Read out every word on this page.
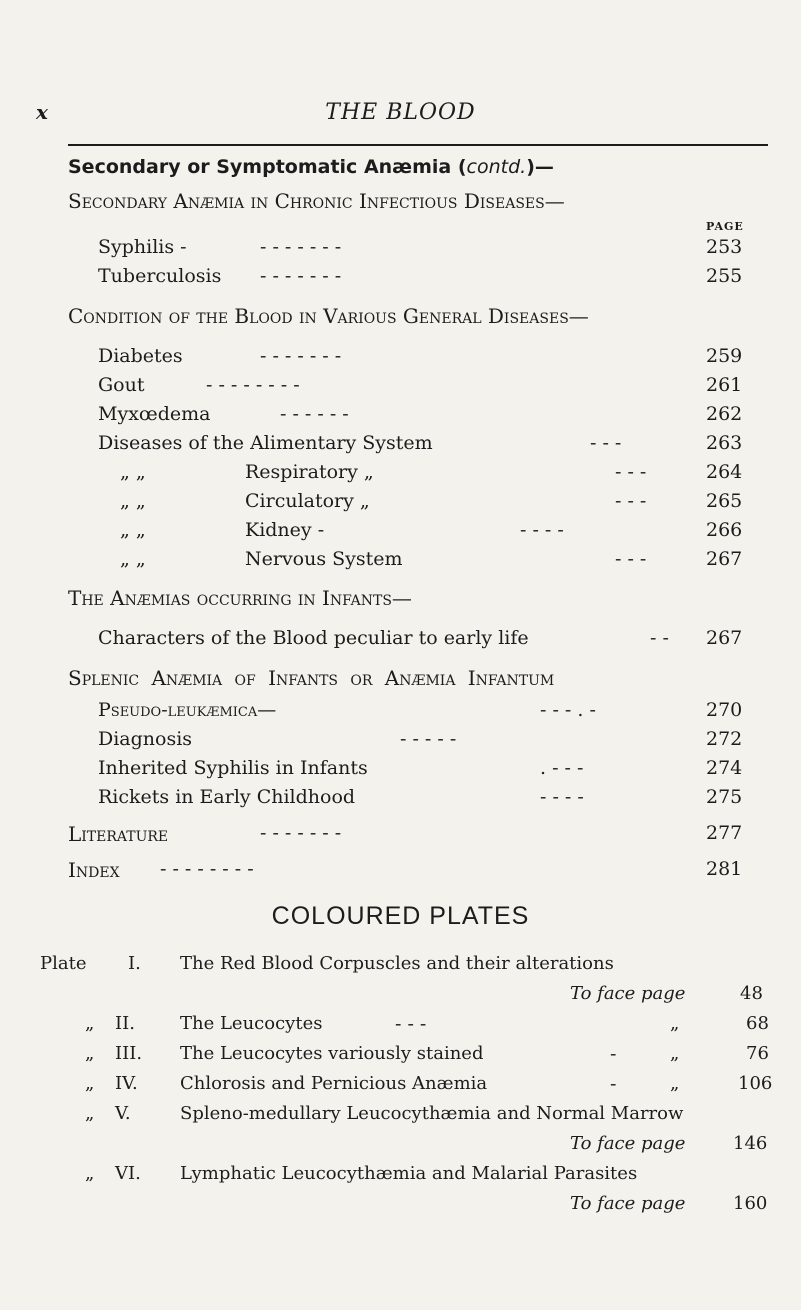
x	THE BLOOD
Secondary or Symptomatic Anæmia (contd.)—
Secondary Anæmia in Chronic Infectious Diseases—
PAGE
Syphilis -	- - - - - - -	253
Tuberculosis - - - - - - -	255
Condition of the Blood in Various General Diseases—
Diabetes	- - - - - - -	259
Gout	- - - - - - - -	261
Myxœdema	- - - - - -	262
Diseases of the Alimentary System	- - -	263
„ „	Respiratory „	- - -	264
„ „	Circulatory „	- - -	265
„ „	Kidney -	- - - -	266
„ „	Nervous System	- - -	267
The Anæmias occurring in Infants—
Characters of the Blood peculiar to early life	- - 267
Splenic Anæmia of Infants or Anæmia Infantum
Pseudo-leukæmica—	- - - . -	270
Diagnosis	- - - - -	272
Inherited Syphilis in Infants	. - - -	274
Rickets in Early Childhood	- - - -	275
Literature	- - - - - - -	277
Index - - - - - - - -	281
COLOURED PLATES
Plate I. The Red Blood Corpuscles and their alterations
To face page	48
„ II.	The Leucocytes	- - -	„	68
„ III. The Leucocytes variously stained	-	„	76
„ IV. Chlorosis and Pernicious Anæmia	-	„	106
„ V.	Spleno-medullary Leucocythæmia and Normal Marrow
To face page	146
„ VI. Lymphatic Leucocythæmia and Malarial Parasites
To face page	160
